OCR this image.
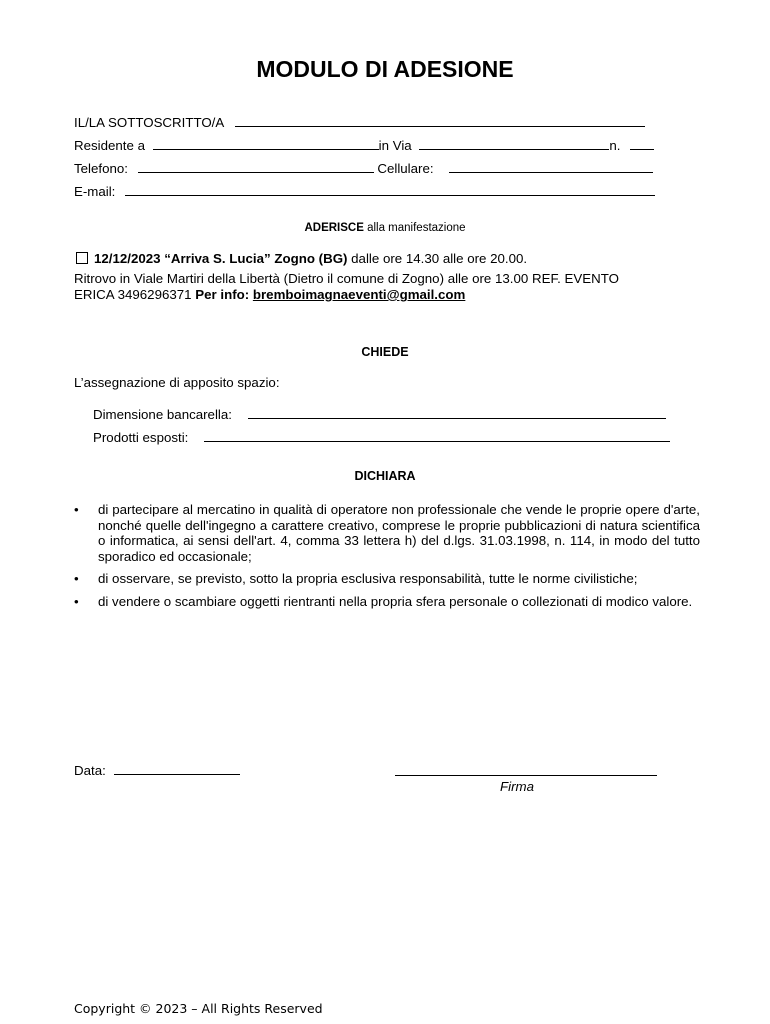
MODULO DI ADESIONE
IL/LA SOTTOSCRITTO/A
Residente a	in Via	n.
Telefono:	Cellulare:
E-mail:
ADERISCE alla manifestazione
12/12/2023 “Arriva S. Lucia” Zogno (BG) dalle ore 14.30 alle ore 20.00.
Ritrovo in Viale Martiri della Libertà (Dietro il comune di Zogno) alle ore 13.00 REF. EVENTO
ERICA 3496296371 Per info: bremboimagnaeventi@gmail.com
CHIEDE
L’assegnazione di apposito spazio:
Dimensione bancarella:
Prodotti esposti:
DICHIARA
• di partecipare al mercatino in qualità di operatore non professionale che vende le proprie opere d'arte, nonché quelle dell'ingegno a carattere creativo, comprese le proprie pubblicazioni di natura scientifica o informatica, ai sensi dell'art. 4, comma 33 lettera h) del d.lgs. 31.03.1998, n. 114, in modo del tutto sporadico ed occasionale;
• di osservare, se previsto, sotto la propria esclusiva responsabilità, tutte le norme civilistiche;
• di vendere o scambiare oggetti rientranti nella propria sfera personale o collezionati di modico valore.
Data:
Firma
Copyright © 2023 – All Rights Reserved
